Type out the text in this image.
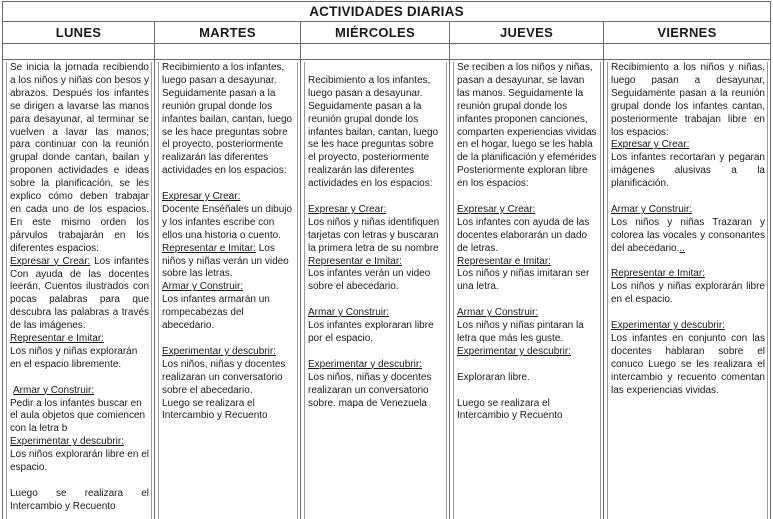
ACTIVIDADES DIARIAS
LUNES

Se inicia la jornada recibiendo a los niños y niñas con besos y abrazos. Después los infantes se dirigen a lavarse las manos para desayunar, al terminar se vuelven a lavar las manos; para continuar con la reunión grupal donde cantan, bailan y proponen actividades e ideas sobre la planificación, se les explico cómo deben trabajar en cada uno de los espacios. En este mismo orden los párvulos trabajarán en los diferentes espacios:

Expresar y Crear: Los infantes Con ayuda de las docentes leerán, Cuentos ilustrados con pocas palabras para que descubra las palabras a través de las imágenes.

Representar e Imitar:

Los niños y niñas explorarán en el espacio libremente.

Armar y Construir:

Pedir a los infantes buscar en el aula objetos que comiencen con la letra b

Experimentar y descubrir:

Los niños explorarán libre en el espacio.

Luego se realizara el Intercambio y Recuento

MARTES

Recibimiento a los infantes, luego pasan a desayunar. Seguidamente pasan a la reunión grupal donde los infantes bailan, cantan, luego se les hace preguntas sobre el proyecto, posteriormente realizarán las diferentes actividades en los espacios:

Expresar y Crear:

Docente Enséñales un dibujo y los infantes escribe con ellos una historia o cuento.

Representar e Imitar: Los niños y niñas verán un video sobre las letras.

Armar y Construir:

Los infantes armarán un rompecabezas del abecedario.

Experimentar y descubrir:

Los niños, niñas y docentes realizaran un conversatorio sobre el abecedario.

Luego se realizara el Intercambio y Recuento

MIÉRCOLES

Recibimiento a los infantes, luego pasan a desayunar. Seguidamente pasan a la reunión grupal donde los infantes bailan, cantan, luego se les hace preguntas sobre el proyecto, posteriormente realizarán las diferentes actividades en los espacios:

Expresar y Crear:

Los niños y niñas identifiquen tarjetas con letras y buscaran la primera letra de su nombre

Representar e Imitar:

Los infantes verán un video sobre el abecedario.

Armar y Construir:

Los infantes exploraran libre por el espacio.

Experimentar y descubrir:

Los niños, niñas y docentes realizaran un conversatorio sobre. mapa de Venezuela

JUEVES

Se reciben a los niños y niñas, pasan a desayunar, se lavan las manos. Seguidamente la reunión grupal donde los infantes proponen canciones, comparten experiencias vividas en el hogar, luego se les habla de la planificación y efemérides Posteriormente exploran libre en los espacios:

Expresar y Crear:

Los infantes con ayuda de las docentes elaborarán un dado de letras.

Representar e Imitar:

Los niños y niñas imitaran ser una letra.

Armar y Construir:

Los niños y niñas pintaran la letra que más les guste.

Experimentar y descubrir:

Exploraran libre.

Luego se realizara el Intercambio y Recuento

VIERNES

Recibimiento a los niños y niñas, luego pasan a desayunar, Seguidamente pasan a la reunión grupal donde los infantes cantan, posteriormente trabajan libre en los espacios:

Expresar y Crear:

Los infantes recortaran y pegaran imágenes alusivas a la planificación.

Armar y Construir:

Los niños y niñas Trazaran y colorea las vocales y consonantes del abecedario...

Representar e Imitar:

Los niños y niñas explorarán libre en el espacio.

Experimentar y descubrir:

Los infantes en conjunto con las docentes hablaran sobre el conuco Luego se les realizara el intercambio y recuento comentan las experiencias vividas.
